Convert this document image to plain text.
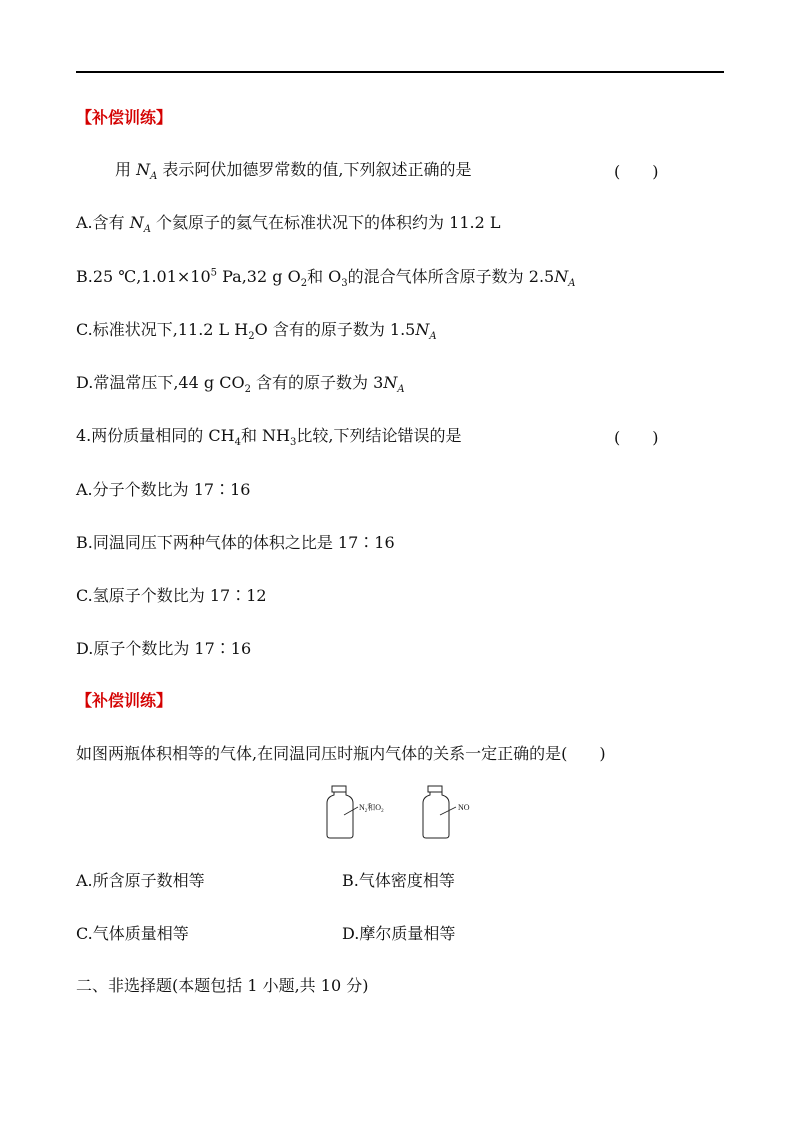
【补偿训练】
用 $N_A$ 表示阿伏加德罗常数的值,下列叙述正确的是	(　　)
A.含有 $N_A$ 个氦原子的氦气在标准状况下的体积约为 11.2 L
B.25 $℃,1.01\times 10^5$ Pa,32 g $O_2$和 $O_3$的混合气体所含原子数为 $2.5N_A$
C.标准状况下,11.2 L $H_2O$ 含有的原子数为 $1.5N_A$
D.常温常压下,44 g $CO_2$ 含有的原子数为 $3N_A$
4.两份质量相同的 $CH_4$和 $NH_3$比较,下列结论错误的是	(　　)
A.分子个数比为 17∶16
B.同温同压下两种气体的体积之比是 17∶16
C.氢原子个数比为 17∶12
D.原子个数比为 17∶16
【补偿训练】
如图两瓶体积相等的气体,在同温同压时瓶内气体的关系一定正确的是(　　)
$N_2$和$O_2$	NO
A.所含原子数相等	B.气体密度相等
C.气体质量相等	D.摩尔质量相等
二、非选择题(本题包括 1 小题,共 10 分)
